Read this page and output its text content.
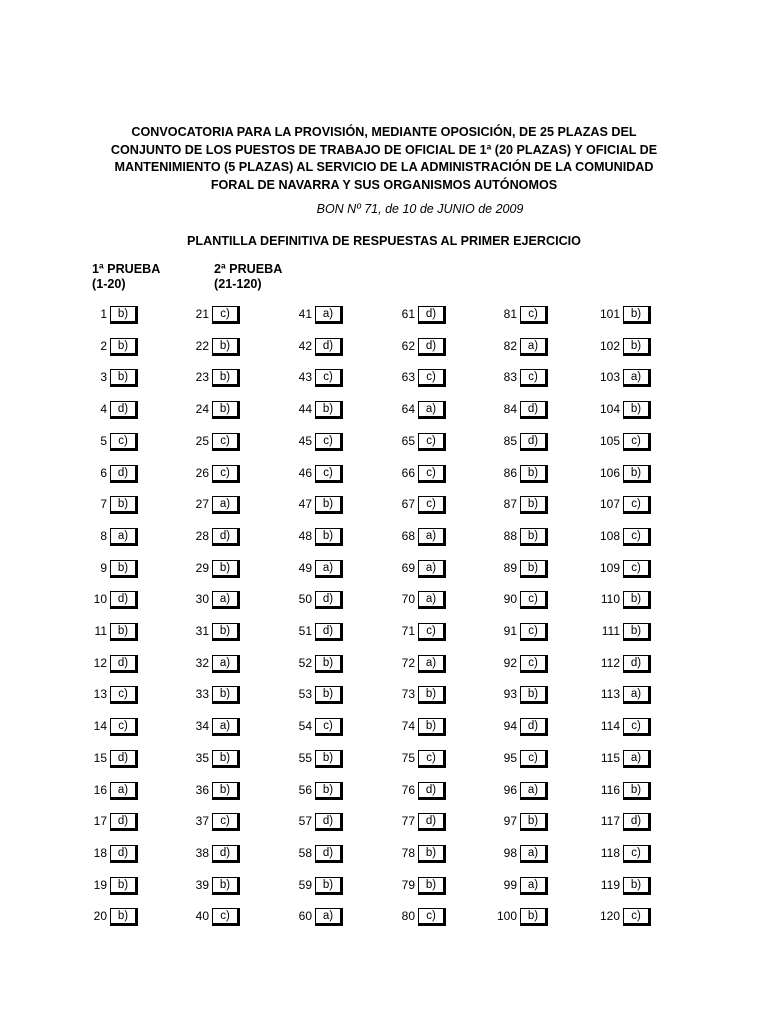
CONVOCATORIA PARA LA PROVISIÓN, MEDIANTE OPOSICIÓN, DE 25 PLAZAS DEL
CONJUNTO DE LOS PUESTOS DE TRABAJO DE OFICIAL DE 1ª (20 PLAZAS) Y OFICIAL DE
MANTENIMIENTO (5 PLAZAS) AL SERVICIO DE LA ADMINISTRACIÓN DE LA COMUNIDAD
FORAL DE NAVARRA Y SUS ORGANISMOS AUTÓNOMOS
BON Nº 71, de 10 de JUNIO de 2009
PLANTILLA DEFINITIVA DE RESPUESTAS AL PRIMER EJERCICIO
1ª PRUEBA
(1-20)
2ª PRUEBA
(21-120)
1 b)
2 b)
3 b)
4 d)
5 c)
6 d)
7 b)
8 a)
9 b)
10 d)
11 b)
12 d)
13 c)
14 c)
15 d)
16 a)
17 d)
18 d)
19 b)
20 b)
21 c)
22 b)
23 b)
24 b)
25 c)
26 c)
27 a)
28 d)
29 b)
30 a)
31 b)
32 a)
33 b)
34 a)
35 b)
36 b)
37 c)
38 d)
39 b)
40 c)
41 a)
42 d)
43 c)
44 b)
45 c)
46 c)
47 b)
48 b)
49 a)
50 d)
51 d)
52 b)
53 b)
54 c)
55 b)
56 b)
57 d)
58 d)
59 b)
60 a)
61 d)
62 d)
63 c)
64 a)
65 c)
66 c)
67 c)
68 a)
69 a)
70 a)
71 c)
72 a)
73 b)
74 b)
75 c)
76 d)
77 d)
78 b)
79 b)
80 c)
81 c)
82 a)
83 c)
84 d)
85 d)
86 b)
87 b)
88 b)
89 b)
90 c)
91 c)
92 c)
93 b)
94 d)
95 c)
96 a)
97 b)
98 a)
99 a)
100 b)
101 b)
102 b)
103 a)
104 b)
105 c)
106 b)
107 c)
108 c)
109 c)
110 b)
111 b)
112 d)
113 a)
114 c)
115 a)
116 b)
117 d)
118 c)
119 b)
120 c)
